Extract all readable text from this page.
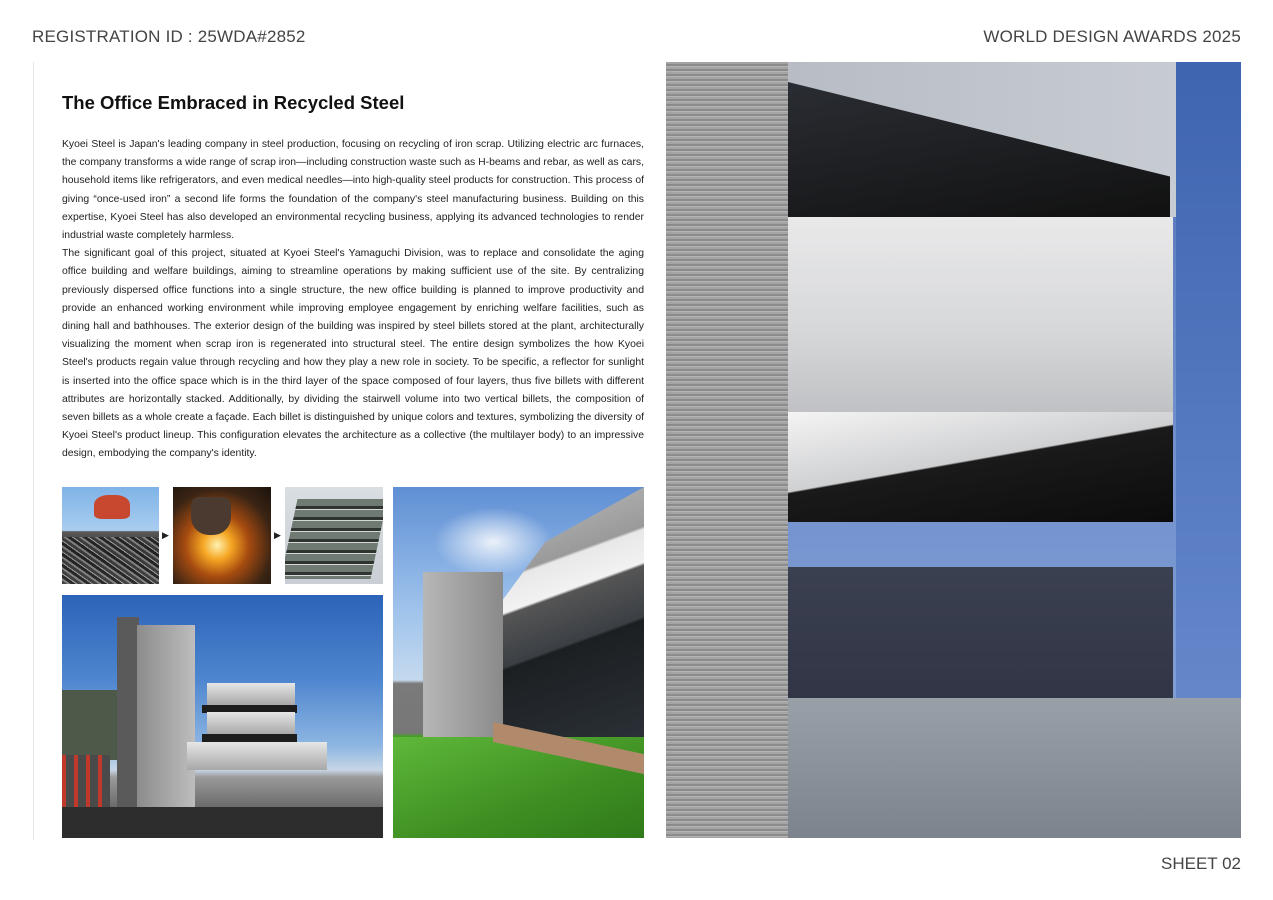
REGISTRATION ID : 25WDA#2852	WORLD DESIGN AWARDS 2025
The Office Embraced in Recycled Steel

Kyoei Steel is Japan's leading company in steel production, focusing on recycling of iron scrap. Utilizing electric arc furnaces, the company transforms a wide range of scrap iron—including construction waste such as H-beams and rebar, as well as cars, household items like refrigerators, and even medical needles—into high-quality steel products for construction. This process of giving “once-used iron” a second life forms the foundation of the company's steel manufacturing business. Building on this expertise, Kyoei Steel has also developed an environmental recycling business, applying its advanced technologies to render industrial waste completely harmless.

The significant goal of this project, situated at Kyoei Steel's Yamaguchi Division, was to replace and consolidate the aging office building and welfare buildings, aiming to streamline operations by making sufficient use of the site. By centralizing previously dispersed office functions into a single structure, the new office building is planned to improve productivity and provide an enhanced working environment while improving employee engagement by enriching welfare facilities, such as dining hall and bathhouses. The exterior design of the building was inspired by steel billets stored at the plant, architecturally visualizing the moment when scrap iron is regenerated into structural steel. The entire design symbolizes the how Kyoei Steel's products regain value through recycling and how they play a new role in society. To be specific, a reflector for sunlight is inserted into the office space which is in the third layer of the space composed of four layers, thus five billets with different attributes are horizontally stacked. Additionally, by dividing the stairwell volume into two vertical billets, the composition of seven billets as a whole create a façade. Each billet is distinguished by unique colors and textures, symbolizing the diversity of Kyoei Steel's product lineup. This configuration elevates the architecture as a collective (the multilayer body) to an impressive design, embodying the company's identity.

▶	▶
SHEET 02
